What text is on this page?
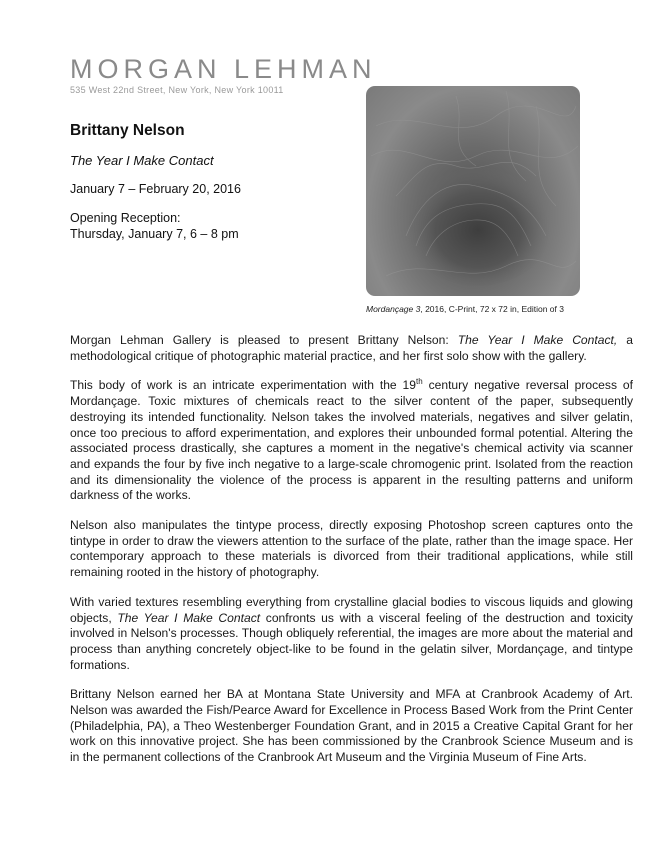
MORGAN LEHMAN
535 West 22nd Street, New York, New York 10011
Brittany Nelson
The Year I Make Contact
January 7 – February 20, 2016
Opening Reception:
Thursday, January 7, 6 – 8 pm
Mordançage 3, 2016, C-Print, 72 x 72 in, Edition of 3

Morgan Lehman Gallery is pleased to present Brittany Nelson: The Year I Make Contact, a methodological critique of photographic material practice, and her first solo show with the gallery.

This body of work is an intricate experimentation with the 19th century negative reversal process of Mordançage. Toxic mixtures of chemicals react to the silver content of the paper, subsequently destroying its intended functionality. Nelson takes the involved materials, negatives and silver gelatin, once too precious to afford experimentation, and explores their unbounded formal potential. Altering the associated process drastically, she captures a moment in the negative's chemical activity via scanner and expands the four by five inch negative to a large-scale chromogenic print. Isolated from the reaction and its dimensionality the violence of the process is apparent in the resulting patterns and uniform darkness of the works.

Nelson also manipulates the tintype process, directly exposing Photoshop screen captures onto the tintype in order to draw the viewers attention to the surface of the plate, rather than the image space. Her contemporary approach to these materials is divorced from their traditional applications, while still remaining rooted in the history of photography.

With varied textures resembling everything from crystalline glacial bodies to viscous liquids and glowing objects, The Year I Make Contact confronts us with a visceral feeling of the destruction and toxicity involved in Nelson's processes. Though obliquely referential, the images are more about the material and process than anything concretely object-like to be found in the gelatin silver, Mordançage, and tintype formations.

Brittany Nelson earned her BA at Montana State University and MFA at Cranbrook Academy of Art. Nelson was awarded the Fish/Pearce Award for Excellence in Process Based Work from the Print Center (Philadelphia, PA), a Theo Westenberger Foundation Grant, and in 2015 a Creative Capital Grant for her work on this innovative project. She has been commissioned by the Cranbrook Science Museum and is in the permanent collections of the Cranbrook Art Museum and the Virginia Museum of Fine Arts.
